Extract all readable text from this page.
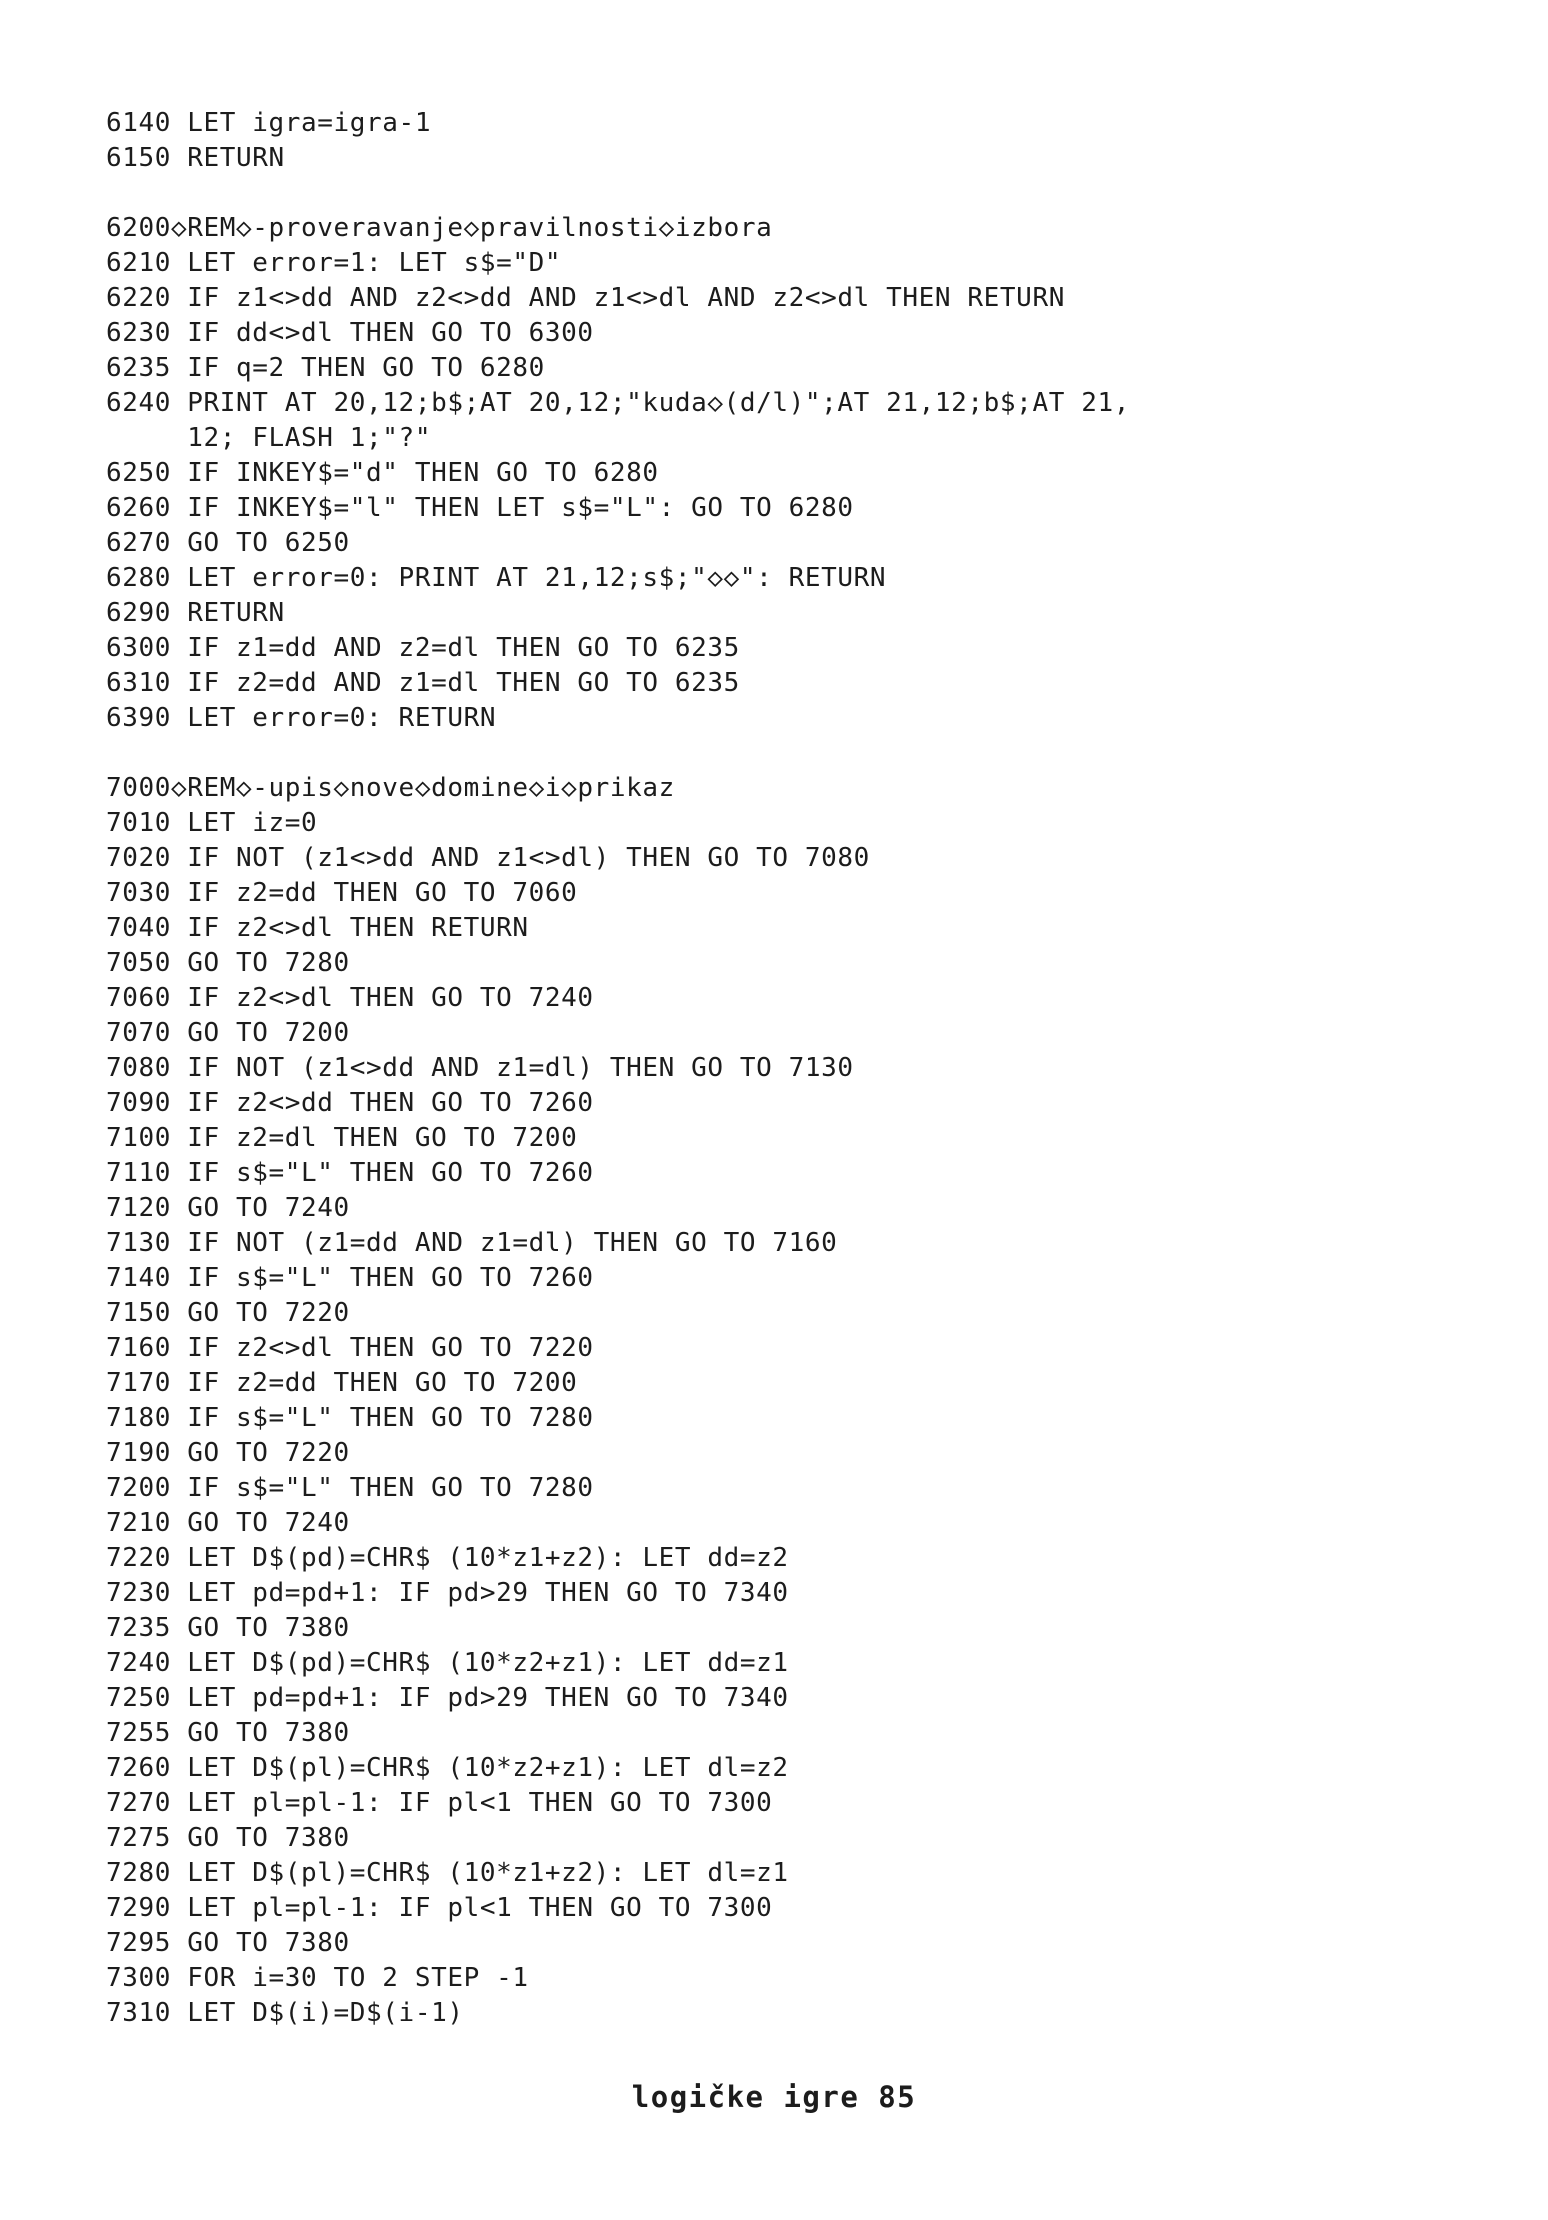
6140 LET igra=igra-1
6150 RETURN
6200◇REM◇-proveravanje◇pravilnosti◇izbora
6210 LET error=1: LET s$="D"
6220 IF z1<>dd AND z2<>dd AND z1<>dl AND z2<>dl THEN RETURN
6230 IF dd<>dl THEN GO TO 6300
6235 IF q=2 THEN GO TO 6280
6240 PRINT AT 20,12;b$;AT 20,12;"kuda◇(d/l)";AT 21,12;b$;AT 21,
12; FLASH 1;"?"
6250 IF INKEY$="d" THEN GO TO 6280
6260 IF INKEY$="l" THEN LET s$="L": GO TO 6280
6270 GO TO 6250
6280 LET error=0: PRINT AT 21,12;s$;"◇◇": RETURN
6290 RETURN
6300 IF z1=dd AND z2=dl THEN GO TO 6235
6310 IF z2=dd AND z1=dl THEN GO TO 6235
6390 LET error=0: RETURN
7000◇REM◇-upis◇nove◇domine◇i◇prikaz
7010 LET iz=0
7020 IF NOT (z1<>dd AND z1<>dl) THEN GO TO 7080
7030 IF z2=dd THEN GO TO 7060
7040 IF z2<>dl THEN RETURN
7050 GO TO 7280
7060 IF z2<>dl THEN GO TO 7240
7070 GO TO 7200
7080 IF NOT (z1<>dd AND z1=dl) THEN GO TO 7130
7090 IF z2<>dd THEN GO TO 7260
7100 IF z2=dl THEN GO TO 7200
7110 IF s$="L" THEN GO TO 7260
7120 GO TO 7240
7130 IF NOT (z1=dd AND z1=dl) THEN GO TO 7160
7140 IF s$="L" THEN GO TO 7260
7150 GO TO 7220
7160 IF z2<>dl THEN GO TO 7220
7170 IF z2=dd THEN GO TO 7200
7180 IF s$="L" THEN GO TO 7280
7190 GO TO 7220
7200 IF s$="L" THEN GO TO 7280
7210 GO TO 7240
7220 LET D$(pd)=CHR$ (10*z1+z2): LET dd=z2
7230 LET pd=pd+1: IF pd>29 THEN GO TO 7340
7235 GO TO 7380
7240 LET D$(pd)=CHR$ (10*z2+z1): LET dd=z1
7250 LET pd=pd+1: IF pd>29 THEN GO TO 7340
7255 GO TO 7380
7260 LET D$(pl)=CHR$ (10*z2+z1): LET dl=z2
7270 LET pl=pl-1: IF pl<1 THEN GO TO 7300
7275 GO TO 7380
7280 LET D$(pl)=CHR$ (10*z1+z2): LET dl=z1
7290 LET pl=pl-1: IF pl<1 THEN GO TO 7300
7295 GO TO 7380
7300 FOR i=30 TO 2 STEP -1
7310 LET D$(i)=D$(i-1)
logičke igre 85
